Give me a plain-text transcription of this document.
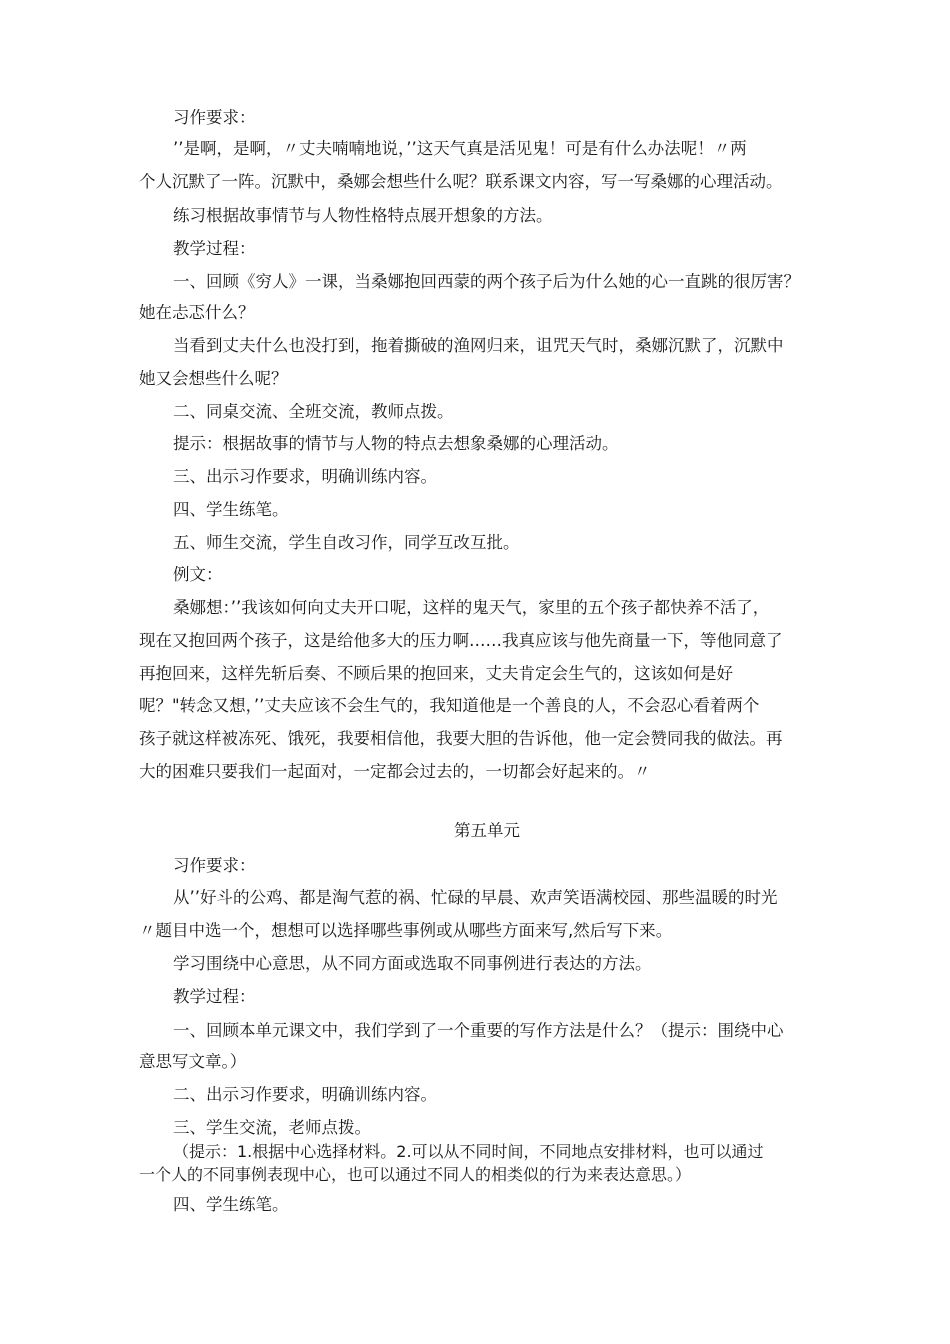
习作要求：

’’是啊，是啊，〃丈夫喃喃地说，’’这天气真是活见鬼！可是有什么办法呢！〃两

个人沉默了一阵。沉默中，桑娜会想些什么呢？联系课文内容，写一写桑娜的心理活动。

练习根据故事情节与人物性格特点展开想象的方法。

教学过程：

一、回顾《穷人》一课，当桑娜抱回西蒙的两个孩子后为什么她的心一直跳的很厉害？

她在忐忑什么？

当看到丈夫什么也没打到，拖着撕破的渔网归来，诅咒天气时，桑娜沉默了，沉默中

她又会想些什么呢？

二、同桌交流、全班交流，教师点拨。

提示：根据故事的情节与人物的特点去想象桑娜的心理活动。

三、出示习作要求，明确训练内容。

四、学生练笔。

五、师生交流，学生自改习作，同学互改互批。

例文：

桑娜想：’’我该如何向丈夫开口呢，这样的鬼天气，家里的五个孩子都快养不活了，

现在又抱回两个孩子，这是给他多大的压力啊……我真应该与他先商量一下，等他同意了

再抱回来，这样先斩后奏、不顾后果的抱回来，丈夫肯定会生气的，这该如何是好

呢？"转念又想，’’丈夫应该不会生气的，我知道他是一个善良的人，不会忍心看着两个

孩子就这样被冻死、饿死，我要相信他，我要大胆的告诉他，他一定会赞同我的做法。再

大的困难只要我们一起面对，一定都会过去的，一切都会好起来的。〃

第五单元

习作要求：

从’’好斗的公鸡、都是淘气惹的祸、忙碌的早晨、欢声笑语满校园、那些温暖的时光

〃题目中选一个，想想可以选择哪些事例或从哪些方面来写,然后写下来。

学习围绕中心意思，从不同方面或选取不同事例进行表达的方法。

教学过程：

一、回顾本单元课文中，我们学到了一个重要的写作方法是什么？（提示：围绕中心

意思写文章。）

二、出示习作要求，明确训练内容。

三、学生交流，老师点拨。

（提示：1.根据中心选择材料。2.可以从不同时间，不同地点安排材料，也可以通过

一个人的不同事例表现中心，也可以通过不同人的相类似的行为来表达意思。）

四、学生练笔。
